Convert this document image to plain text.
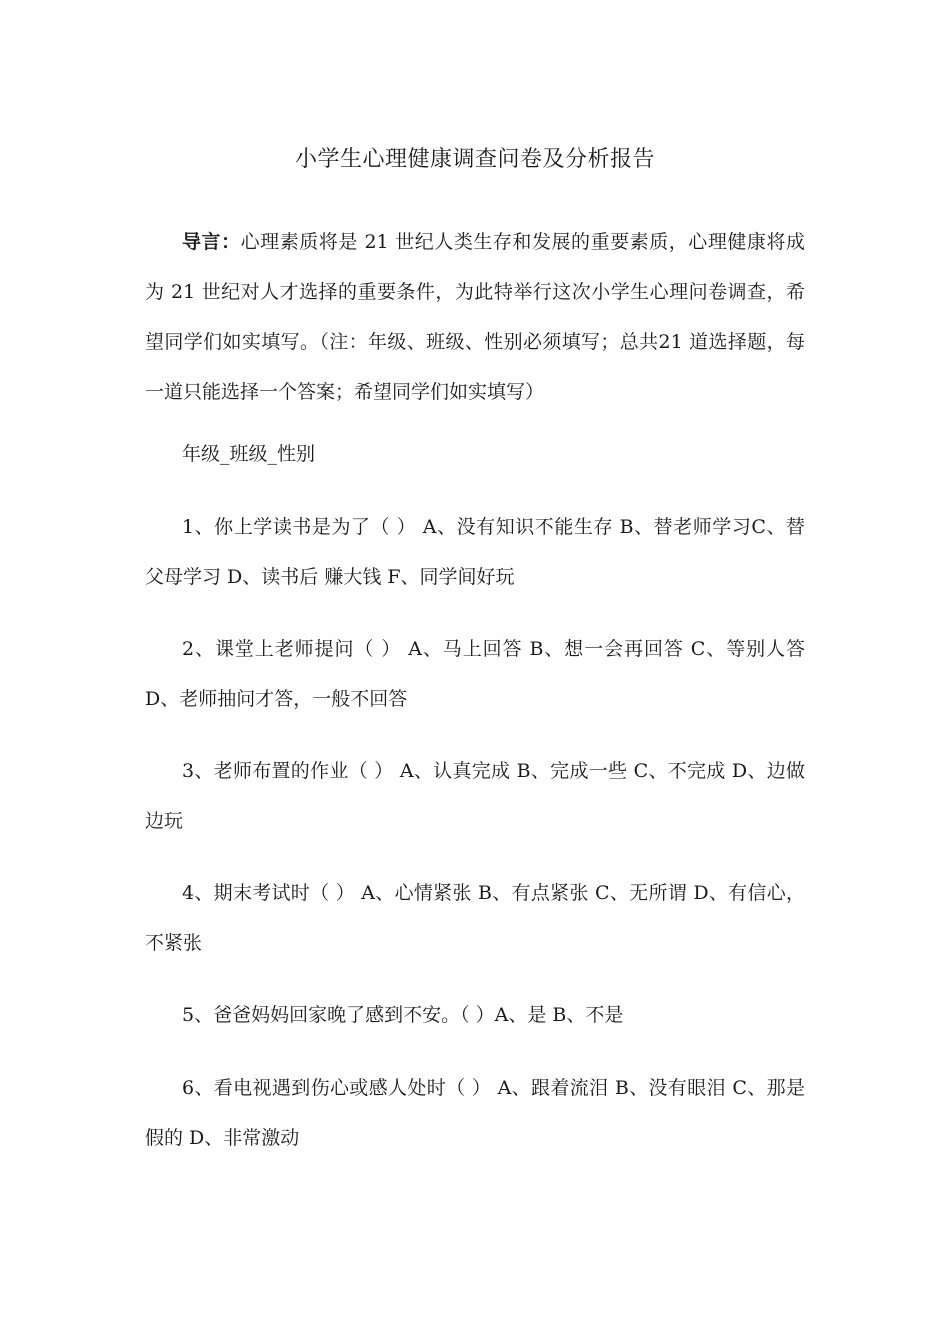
小学生心理健康调查问卷及分析报告

导言：心理素质将是 21 世纪人类生存和发展的重要素质，心理健康将成为 21 世纪对人才选择的重要条件，为此特举行这次小学生心理问卷调查，希望同学们如实填写。（注：年级、班级、性别必须填写；总共21 道选择题，每一道只能选择一个答案；希望同学们如实填写）

年级_班级_性别

1、你上学读书是为了（ ） A、没有知识不能生存 B、替老师学习C、替父母学习 D、读书后 赚大钱 F、同学间好玩

2、课堂上老师提问（ ） A、马上回答 B、想一会再回答 C、等别人答 D、老师抽问才答，一般不回答

3、老师布置的作业（ ） A、认真完成 B、完成一些 C、不完成 D、边做边玩

4、期末考试时（ ） A、心情紧张 B、有点紧张 C、无所谓 D、有信心，不紧张

5、爸爸妈妈回家晚了感到不安。（ ）A、是 B、不是

6、看电视遇到伤心或感人处时（ ） A、跟着流泪 B、没有眼泪 C、那是假的 D、非常激动
